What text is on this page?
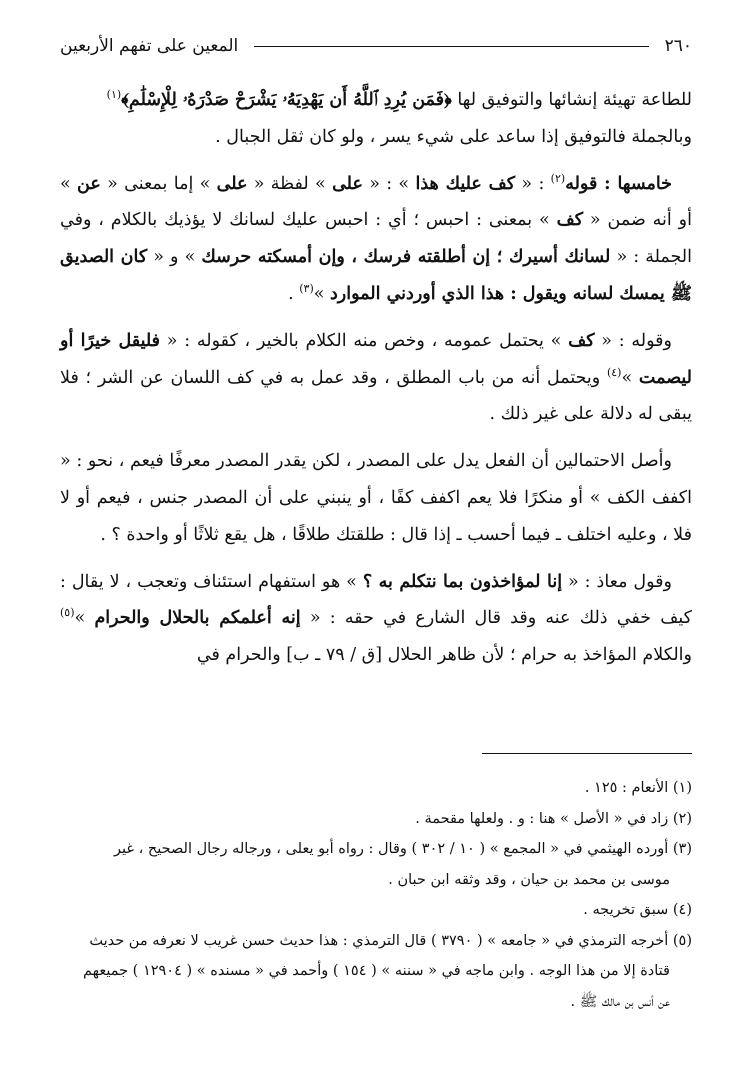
٢٦٠
المعين على تفهم الأربعين

للطاعة تهيئة إنشائها والتوفيق لها ﴿فَمَن يُرِدِ ٱللَّهُ أَن يَهْدِيَهُۥ يَشْرَحْ صَدْرَهُۥ لِلْإِسْلَٰمِ﴾$^{(١)}$
وبالجملة فالتوفيق إذا ساعد على شيء يسر ، ولو كان ثقل الجبال .

خامسها : قوله$^{(٢)}$ : « كف عليك هذا » : « على » لفظة « على » إما بمعنى « عن » أو أنه ضمن « كف » بمعنى : احبس ؛ أي : احبس عليك لسانك لا يؤذيك بالكلام ، وفي الجملة : « لسانك أسيرك ؛ إن أطلقته فرسك ، وإن أمسكته حرسك » و « كان الصديق ﷺ يمسك لسانه ويقول : هذا الذي أوردني الموارد »$^{(٣)}$ .

وقوله : « كف » يحتمل عمومه ، وخص منه الكلام بالخير ، كقوله : « فليقل خيرًا أو ليصمت »$^{(٤)}$ ويحتمل أنه من باب المطلق ، وقد عمل به في كف اللسان عن الشر ؛ فلا يبقى له دلالة على غير ذلك .

وأصل الاحتمالين أن الفعل يدل على المصدر ، لكن يقدر المصدر معرفًا فيعم ، نحو : « اكفف الكف » أو منكرًا فلا يعم اكفف كفًا ، أو ينبني على أن المصدر جنس ، فيعم أو لا فلا ، وعليه اختلف ـ فيما أحسب ـ إذا قال : طلقتك طلاقًا ، هل يقع ثلاثًا أو واحدة ؟ .

وقول معاذ : « إنا لمؤاخذون بما نتكلم به ؟ » هو استفهام استئناف وتعجب ، لا يقال : كيف خفي ذلك عنه وقد قال الشارع في حقه : « إنه أعلمكم بالحلال والحرام »$^{(٥)}$ والكلام المؤاخذ به حرام ؛ لأن ظاهر الحلال [ق / ٧٩ ـ ب] والحرام في

(١) الأنعام : ١٢٥ .

(٢) زاد في « الأصل » هنا : و . ولعلها مقحمة .

(٣) أورده الهيثمي في « المجمع » ( ١٠ / ٣٠٢ ) وقال : رواه أبو يعلى ، ورجاله رجال الصحيح ، غير
موسى بن محمد بن حيان ، وقد وثقه ابن حبان .

(٤) سبق تخريجه .

(٥) أخرجه الترمذي في « جامعه » ( ٣٧٩٠ ) قال الترمذي : هذا حديث حسن غريب لا نعرفه من حديث
قتادة إلا من هذا الوجه . وابن ماجه في « سننه » ( ١٥٤ ) وأحمد في « مسنده » ( ١٢٩٠٤ ) جميعهم
عن أنس بن مالك ﷺ .
